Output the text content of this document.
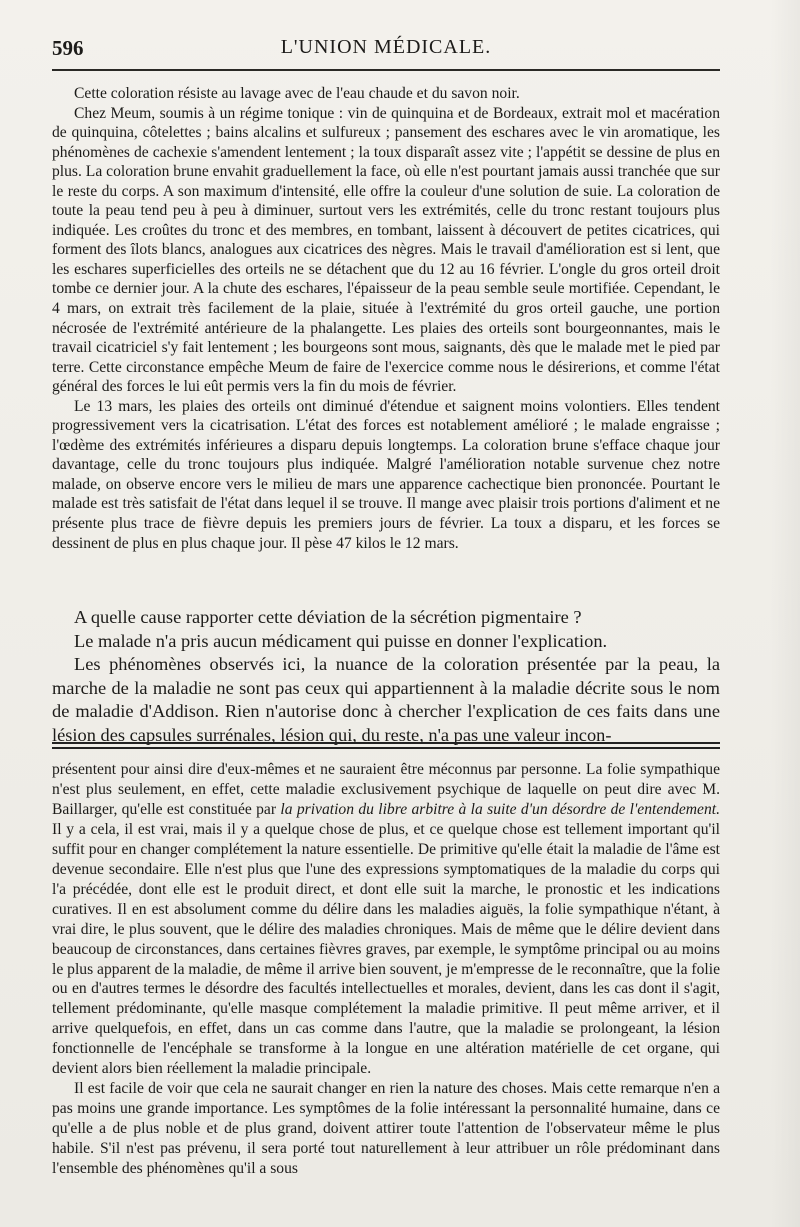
596	L'UNION MÉDICALE.

Cette coloration résiste au lavage avec de l'eau chaude et du savon noir.

Chez Meum, soumis à un régime tonique : vin de quinquina et de Bordeaux, extrait mol et macération de quinquina, côtelettes ; bains alcalins et sulfureux ; pansement des eschares avec le vin aromatique, les phénomènes de cachexie s'amendent lentement ; la toux disparaît assez vite ; l'appétit se dessine de plus en plus. La coloration brune envahit graduellement la face, où elle n'est pourtant jamais aussi tranchée que sur le reste du corps. A son maximum d'intensité, elle offre la couleur d'une solution de suie. La coloration de toute la peau tend peu à peu à diminuer, surtout vers les extrémités, celle du tronc restant toujours plus indiquée. Les croûtes du tronc et des membres, en tombant, laissent à découvert de petites cicatrices, qui forment des îlots blancs, analogues aux cicatrices des nègres. Mais le travail d'amélioration est si lent, que les eschares superficielles des orteils ne se détachent que du 12 au 16 février. L'ongle du gros orteil droit tombe ce dernier jour. A la chute des eschares, l'épaisseur de la peau semble seule mortifiée. Cependant, le 4 mars, on extrait très facilement de la plaie, située à l'extrémité du gros orteil gauche, une portion nécrosée de l'extrémité antérieure de la phalangette. Les plaies des orteils sont bourgeonnantes, mais le travail cicatriciel s'y fait lentement ; les bourgeons sont mous, saignants, dès que le malade met le pied par terre. Cette circonstance empêche Meum de faire de l'exercice comme nous le désirerions, et comme l'état général des forces le lui eût permis vers la fin du mois de février.

Le 13 mars, les plaies des orteils ont diminué d'étendue et saignent moins volontiers. Elles tendent progressivement vers la cicatrisation. L'état des forces est notablement amélioré ; le malade engraisse ; l'œdème des extrémités inférieures a disparu depuis longtemps. La coloration brune s'efface chaque jour davantage, celle du tronc toujours plus indiquée. Malgré l'amélioration notable survenue chez notre malade, on observe encore vers le milieu de mars une apparence cachectique bien prononcée. Pourtant le malade est très satisfait de l'état dans lequel il se trouve. Il mange avec plaisir trois portions d'aliment et ne présente plus trace de fièvre depuis les premiers jours de février. La toux a disparu, et les forces se dessinent de plus en plus chaque jour. Il pèse 47 kilos le 12 mars.

A quelle cause rapporter cette déviation de la sécrétion pigmentaire ?

Le malade n'a pris aucun médicament qui puisse en donner l'explication.

Les phénomènes observés ici, la nuance de la coloration présentée par la peau, la marche de la maladie ne sont pas ceux qui appartiennent à la maladie décrite sous le nom de maladie d'Addison. Rien n'autorise donc à chercher l'explication de ces faits dans une lésion des capsules surrénales, lésion qui, du reste, n'a pas une valeur incon-

présentent pour ainsi dire d'eux-mêmes et ne sauraient être méconnus par personne. La folie sympathique n'est plus seulement, en effet, cette maladie exclusivement psychique de laquelle on peut dire avec M. Baillarger, qu'elle est constituée par la privation du libre arbitre à la suite d'un désordre de l'entendement. Il y a cela, il est vrai, mais il y a quelque chose de plus, et ce quelque chose est tellement important qu'il suffit pour en changer complétement la nature essentielle. De primitive qu'elle était la maladie de l'âme est devenue secondaire. Elle n'est plus que l'une des expressions symptomatiques de la maladie du corps qui l'a précédée, dont elle est le produit direct, et dont elle suit la marche, le pronostic et les indications curatives. Il en est absolument comme du délire dans les maladies aiguës, la folie sympathique n'étant, à vrai dire, le plus souvent, que le délire des maladies chroniques. Mais de même que le délire devient dans beaucoup de circonstances, dans certaines fièvres graves, par exemple, le symptôme principal ou au moins le plus apparent de la maladie, de même il arrive bien souvent, je m'empresse de le reconnaître, que la folie ou en d'autres termes le désordre des facultés intellectuelles et morales, devient, dans les cas dont il s'agit, tellement prédominante, qu'elle masque complétement la maladie primitive. Il peut même arriver, et il arrive quelquefois, en effet, dans un cas comme dans l'autre, que la maladie se prolongeant, la lésion fonctionnelle de l'encéphale se transforme à la longue en une altération matérielle de cet organe, qui devient alors bien réellement la maladie principale.

Il est facile de voir que cela ne saurait changer en rien la nature des choses. Mais cette remarque n'en a pas moins une grande importance. Les symptômes de la folie intéressant la personnalité humaine, dans ce qu'elle a de plus noble et de plus grand, doivent attirer toute l'attention de l'observateur même le plus habile. S'il n'est pas prévenu, il sera porté tout naturellement à leur attribuer un rôle prédominant dans l'ensemble des phénomènes qu'il a sous
